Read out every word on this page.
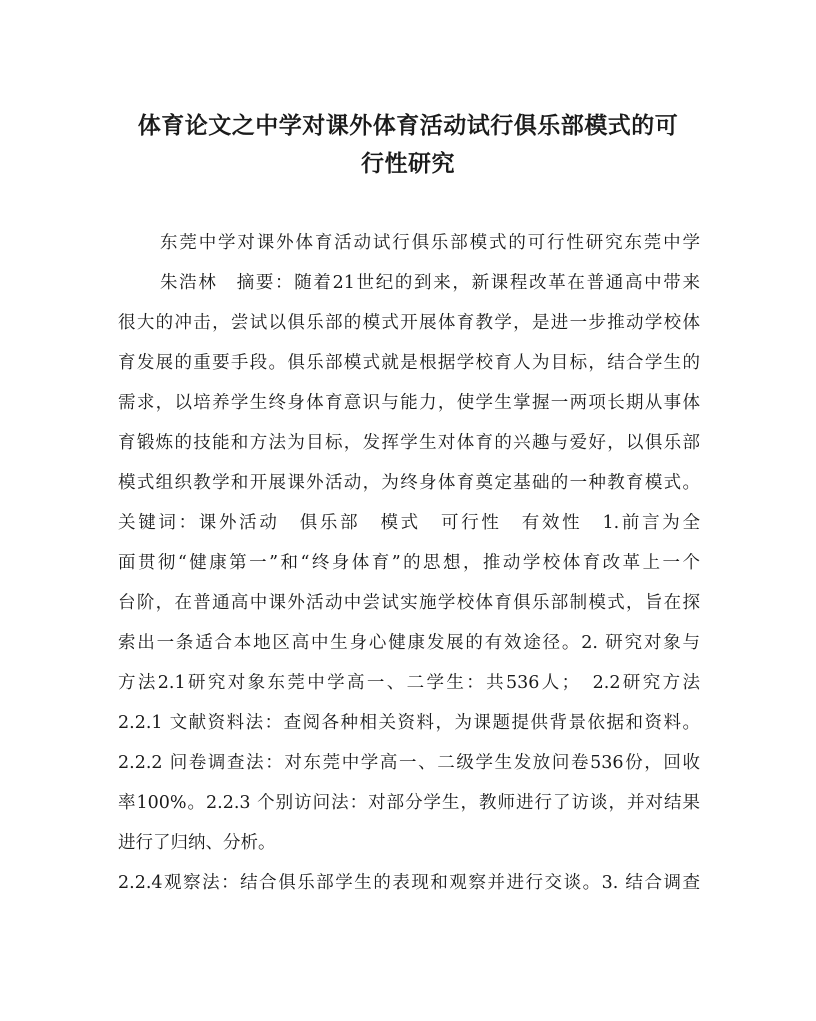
体育论文之中学对课外体育活动试行俱乐部模式的可
行性研究
东莞中学对课外体育活动试行俱乐部模式的可行性研究东莞中学
朱浩林　摘要：随着21世纪的到来，新课程改革在普通高中带来
很大的冲击，尝试以俱乐部的模式开展体育教学，是进一步推动学校体
育发展的重要手段。俱乐部模式就是根据学校育人为目标，结合学生的
需求，以培养学生终身体育意识与能力，使学生掌握一两项长期从事体
育锻炼的技能和方法为目标，发挥学生对体育的兴趣与爱好，以俱乐部
模式组织教学和开展课外活动，为终身体育奠定基础的一种教育模式。
关键词：课外活动　俱乐部　模式　可行性　有效性　1.前言为全
面贯彻“健康第一”和“终身体育”的思想，推动学校体育改革上一个
台阶，在普通高中课外活动中尝试实施学校体育俱乐部制模式，旨在探
索出一条适合本地区高中生身心健康发展的有效途径。2. 研究对象与
方法2.1研究对象东莞中学高一、二学生：共536人；　2.2研究方法
2.2.1 文献资料法：查阅各种相关资料，为课题提供背景依据和资料。
2.2.2 问卷调查法：对东莞中学高一、二级学生发放问卷536份，回收
率100%。2.2.3 个别访问法：对部分学生，教师进行了访谈，并对结果
进行了归纳、分析。
2.2.4观察法：结合俱乐部学生的表现和观察并进行交谈。3. 结合调查
